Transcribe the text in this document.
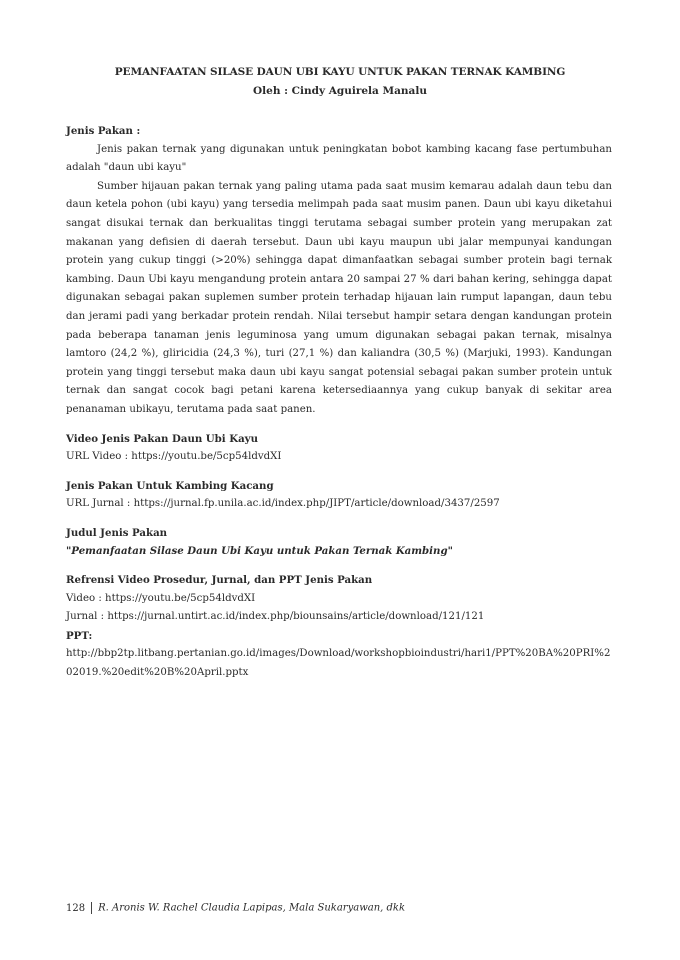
PEMANFAATAN SILASE DAUN UBI KAYU UNTUK PAKAN TERNAK KAMBING
Oleh : Cindy Aguirela Manalu
Jenis Pakan :

Jenis pakan ternak yang digunakan untuk peningkatan bobot kambing kacang fase pertumbuhan adalah "daun ubi kayu"

Sumber hijauan pakan ternak yang paling utama pada saat musim kemarau adalah daun tebu dan daun ketela pohon (ubi kayu) yang tersedia melimpah pada saat musim panen. Daun ubi kayu diketahui sangat disukai ternak dan berkualitas tinggi terutama sebagai sumber protein yang merupakan zat makanan yang defisien di daerah tersebut. Daun ubi kayu maupun ubi jalar mempunyai kandungan protein yang cukup tinggi (>20%) sehingga dapat dimanfaatkan sebagai sumber protein bagi ternak kambing. Daun Ubi kayu mengandung protein antara 20 sampai 27 % dari bahan kering, sehingga dapat digunakan sebagai pakan suplemen sumber protein terhadap hijauan lain rumput lapangan, daun tebu dan jerami padi yang berkadar protein rendah. Nilai tersebut hampir setara dengan kandungan protein pada beberapa tanaman jenis leguminosa yang umum digunakan sebagai pakan ternak, misalnya lamtoro (24,2 %), gliricidia (24,3 %), turi (27,1 %) dan kaliandra (30,5 %) (Marjuki, 1993). Kandungan protein yang tinggi tersebut maka daun ubi kayu sangat potensial sebagai pakan sumber protein untuk ternak dan sangat cocok bagi petani karena ketersediaannya yang cukup banyak di sekitar area penanaman ubikayu, terutama pada saat panen.

Video Jenis Pakan Daun Ubi Kayu
URL Video : https://youtu.be/5cp54ldvdXI
Jenis Pakan Untuk Kambing Kacang
URL Jurnal : https://jurnal.fp.unila.ac.id/index.php/JIPT/article/download/3437/2597
Judul Jenis Pakan
"Pemanfaatan Silase Daun Ubi Kayu untuk Pakan Ternak Kambing"
Refrensi Video Prosedur, Jurnal, dan PPT Jenis Pakan
Video : https://youtu.be/5cp54ldvdXI
Jurnal : https://jurnal.untirt.ac.id/index.php/biounsains/article/download/121/121
PPT:
http://bbp2tp.litbang.pertanian.go.id/images/Download/workshopbioindustri/hari1/PPT%20BA%20PRI%202019.%20edit%20B%20April.pptx
128 R. Aronis W. Rachel Claudia Lapipas, Mala Sukaryawan, dkk
